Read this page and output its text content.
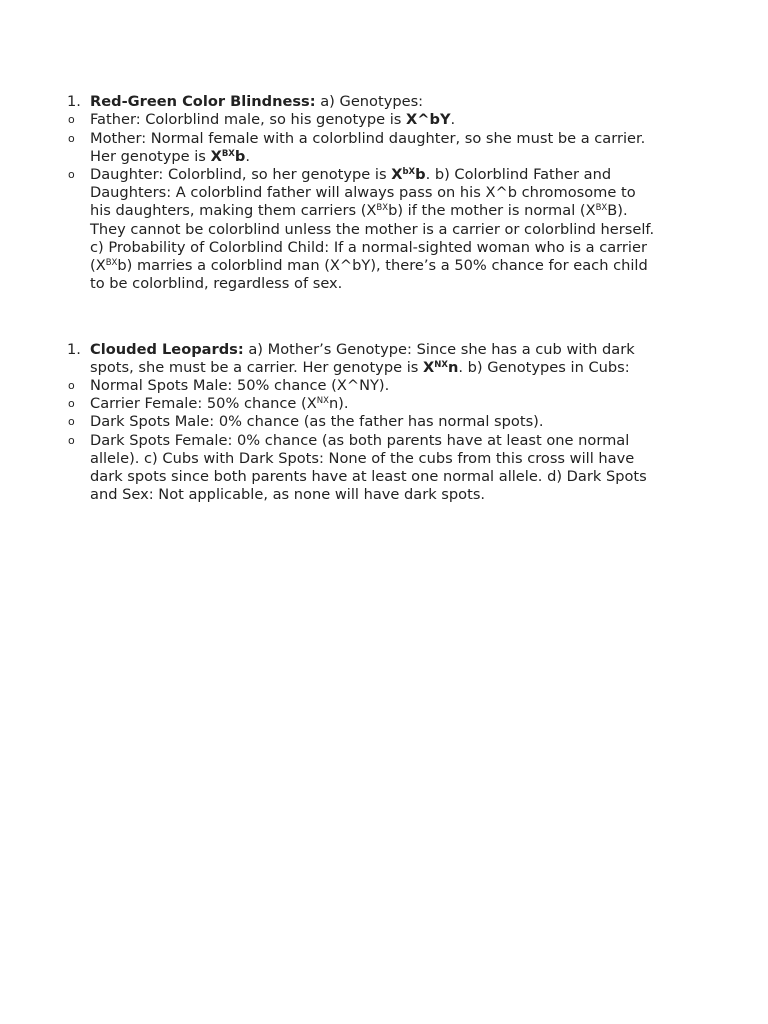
1. Red-Green Color Blindness: a) Genotypes:
o Father: Colorblind male, so his genotype is X^bY.
o Mother: Normal female with a colorblind daughter, so she must be a carrier.
Her genotype is $X^{BX}b$.
o Daughter: Colorblind, so her genotype is $X^{bX}b$. b) Colorblind Father and
Daughters: A colorblind father will always pass on his X^b chromosome to
his daughters, making them carriers $(X^{BX}b)$ if the mother is normal $(X^{BX}B)$.
They cannot be colorblind unless the mother is a carrier or colorblind herself.
c) Probability of Colorblind Child: If a normal-sighted woman who is a carrier
$(X^{BX}b)$ marries a colorblind man (X^bY), there’s a 50% chance for each child
to be colorblind, regardless of sex.
1. Clouded Leopards: a) Mother’s Genotype: Since she has a cub with dark
spots, she must be a carrier. Her genotype is $X^{NX}n$. b) Genotypes in Cubs:
o Normal Spots Male: 50% chance (X^NY).
o Carrier Female: 50% chance $(X^{NX}n)$.
o Dark Spots Male: 0% chance (as the father has normal spots).
o Dark Spots Female: 0% chance (as both parents have at least one normal
allele). c) Cubs with Dark Spots: None of the cubs from this cross will have
dark spots since both parents have at least one normal allele. d) Dark Spots
and Sex: Not applicable, as none will have dark spots.
